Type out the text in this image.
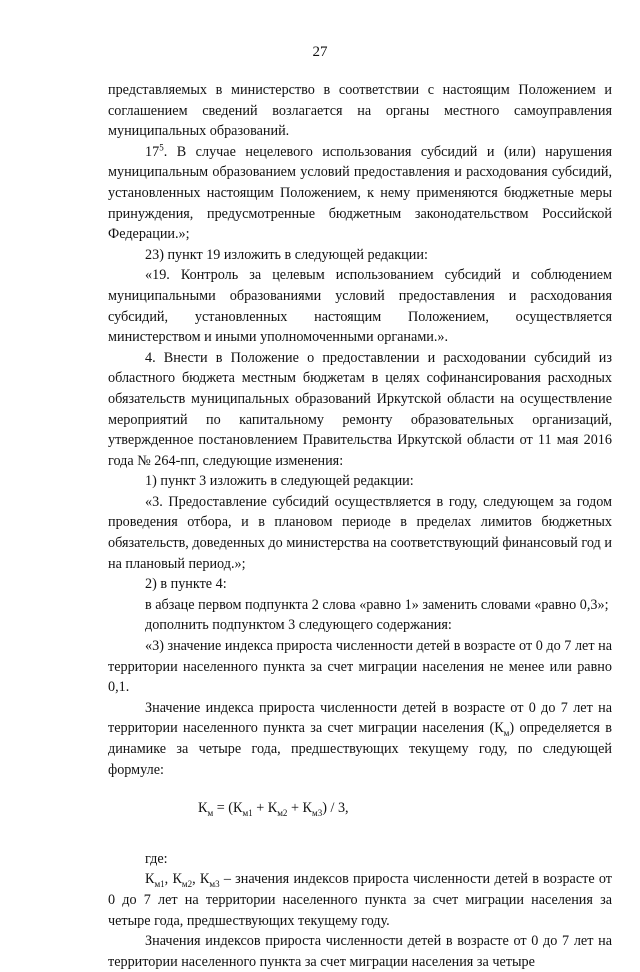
27

представляемых в министерство в соответствии с настоящим Положением и соглашением сведений возлагается на органы местного самоуправления муниципальных образований.

$17^5$. В случае нецелевого использования субсидий и (или) нарушения муниципальным образованием условий предоставления и расходования субсидий, установленных настоящим Положением, к нему применяются бюджетные меры принуждения, предусмотренные бюджетным законодательством Российской Федерации.»;

23) пункт 19 изложить в следующей редакции:

«19. Контроль за целевым использованием субсидий и соблюдением муниципальными образованиями условий предоставления и расходования субсидий, установленных настоящим Положением, осуществляется министерством и иными уполномоченными органами.».

4. Внести в Положение о предоставлении и расходовании субсидий из областного бюджета местным бюджетам в целях софинансирования расходных обязательств муниципальных образований Иркутской области на осуществление мероприятий по капитальному ремонту образовательных организаций, утвержденное постановлением Правительства Иркутской области от 11 мая 2016 года № 264-пп, следующие изменения:

1) пункт 3 изложить в следующей редакции:

«3. Предоставление субсидий осуществляется в году, следующем за годом проведения отбора, и в плановом периоде в пределах лимитов бюджетных обязательств, доведенных до министерства на соответствующий финансовый год и на плановый период.»;

2) в пункте 4:

в абзаце первом подпункта 2 слова «равно 1» заменить словами «равно 0,3»;

дополнить подпунктом 3 следующего содержания:

«3) значение индекса прироста численности детей в возрасте от 0 до 7 лет на территории населенного пункта за счет миграции населения не менее или равно 0,1.

Значение индекса прироста численности детей в возрасте от 0 до 7 лет на территории населенного пункта за счет миграции населения $(К_м)$ определяется в динамике за четыре года, предшествующих текущему году, по следующей формуле:

$К_м = (К_{м1} + К_{м2} + К_{м3}) / 3$,

где:

$К_{м1}$, $К_{м2}$, $К_{м3}$ – значения индексов прироста численности детей в возрасте от 0 до 7 лет на территории населенного пункта за счет миграции населения за четыре года, предшествующих текущему году.

Значения индексов прироста численности детей в возрасте от 0 до 7 лет на территории населенного пункта за счет миграции населения за четыре
